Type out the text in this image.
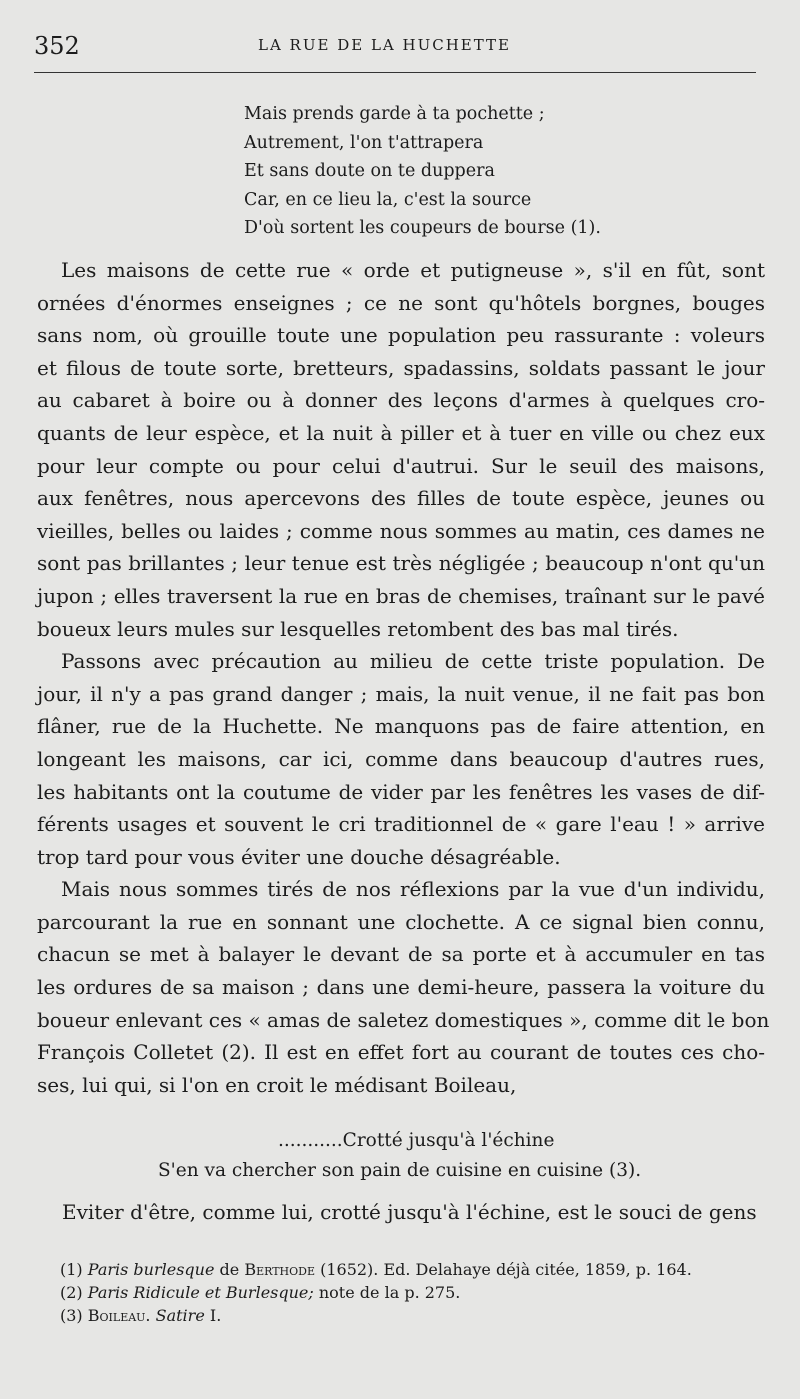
352	LA RUE DE LA HUCHETTE
Mais prends garde à ta pochette ;
Autrement, l'on t'attrapera
Et sans doute on te duppera
Car, en ce lieu la, c'est la source
D'où sortent les coupeurs de bourse (1).
Les maisons de cette rue « orde et putigneuse », s'il en fût, sont
ornées d'énormes enseignes ; ce ne sont qu'hôtels borgnes, bouges
sans nom, où grouille toute une population peu rassurante : voleurs
et filous de toute sorte, bretteurs, spadassins, soldats passant le jour
au cabaret à boire ou à donner des leçons d'armes à quelques cro-
quants de leur espèce, et la nuit à piller et à tuer en ville ou chez eux
pour leur compte ou pour celui d'autrui. Sur le seuil des maisons,
aux fenêtres, nous apercevons des filles de toute espèce, jeunes ou
vieilles, belles ou laides ; comme nous sommes au matin, ces dames ne
sont pas brillantes ; leur tenue est très négligée ; beaucoup n'ont qu'un
jupon ; elles traversent la rue en bras de chemises, traînant sur le pavé
boueux leurs mules sur lesquelles retombent des bas mal tirés.
Passons avec précaution au milieu de cette triste population. De
jour, il n'y a pas grand danger ; mais, la nuit venue, il ne fait pas bon
flâner, rue de la Huchette. Ne manquons pas de faire attention, en
longeant les maisons, car ici, comme dans beaucoup d'autres rues,
les habitants ont la coutume de vider par les fenêtres les vases de dif-
férents usages et souvent le cri traditionnel de « gare l'eau ! » arrive
trop tard pour vous éviter une douche désagréable.
Mais nous sommes tirés de nos réflexions par la vue d'un individu,
parcourant la rue en sonnant une clochette. A ce signal bien connu,
chacun se met à balayer le devant de sa porte et à accumuler en tas
les ordures de sa maison ; dans une demi-heure, passera la voiture du
boueur enlevant ces « amas de saletez domestiques », comme dit le bon
François Colletet (2). Il est en effet fort au courant de toutes ces cho-
ses, lui qui, si l'on en croit le médisant Boileau,
...........Crotté jusqu'à l'échine
S'en va chercher son pain de cuisine en cuisine (3).
Eviter d'être, comme lui, crotté jusqu'à l'échine, est le souci de gens
(1) Paris burlesque de Berthode (1652). Ed. Delahaye déjà citée, 1859, p. 164.
(2) Paris Ridicule et Burlesque; note de la p. 275.
(3) Boileau. Satire I.
